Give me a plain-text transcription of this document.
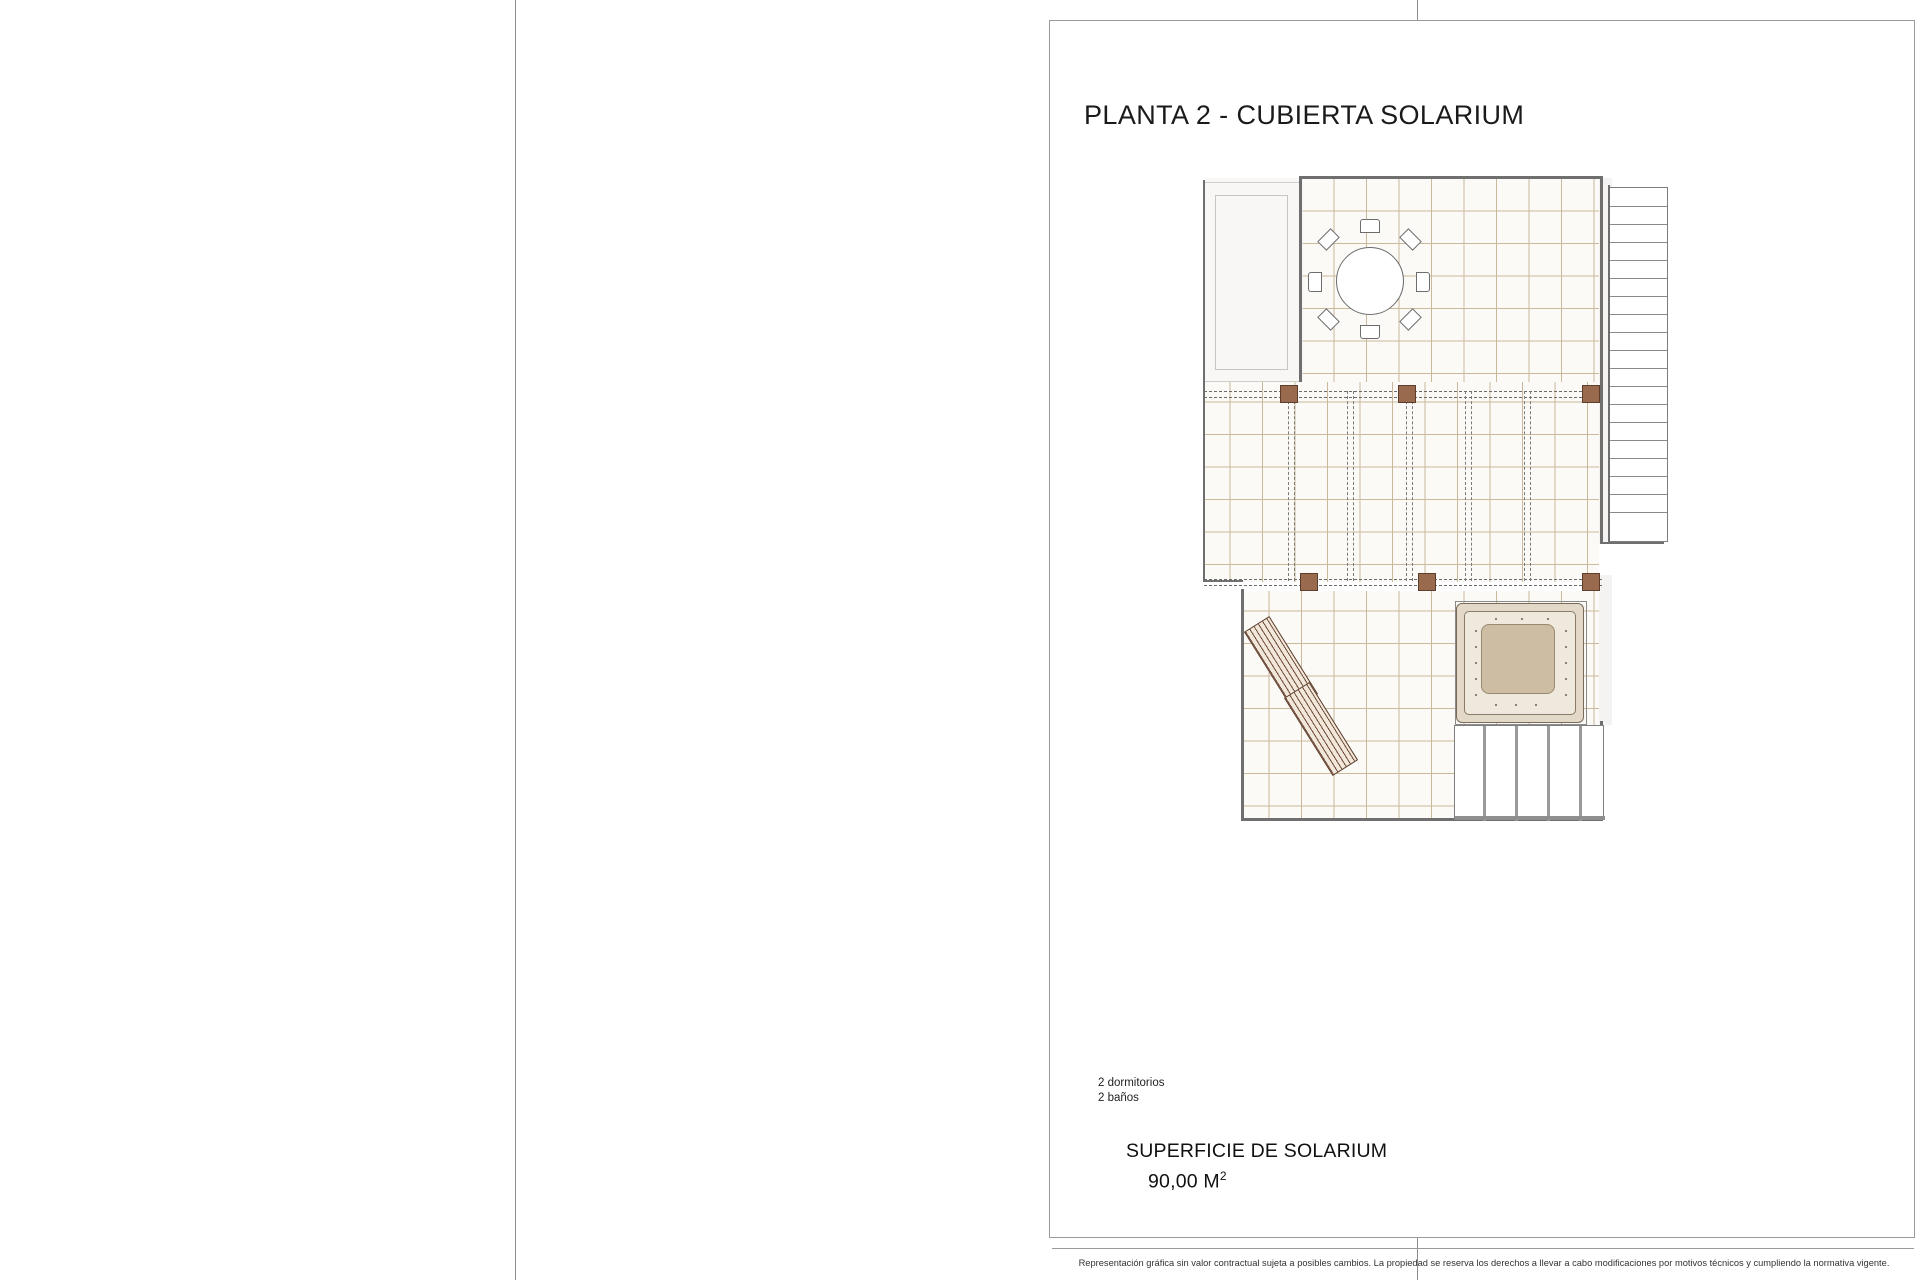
PLANTA 2 - CUBIERTA SOLARIUM
2 dormitorios
2 baños
SUPERFICIE DE SOLARIUM
90,00 $M^2$
Representación gráfica sin valor contractual sujeta a posibles cambios. La propiedad se reserva los derechos a llevar a cabo modificaciones por motivos técnicos y cumpliendo la normativa vigente.
